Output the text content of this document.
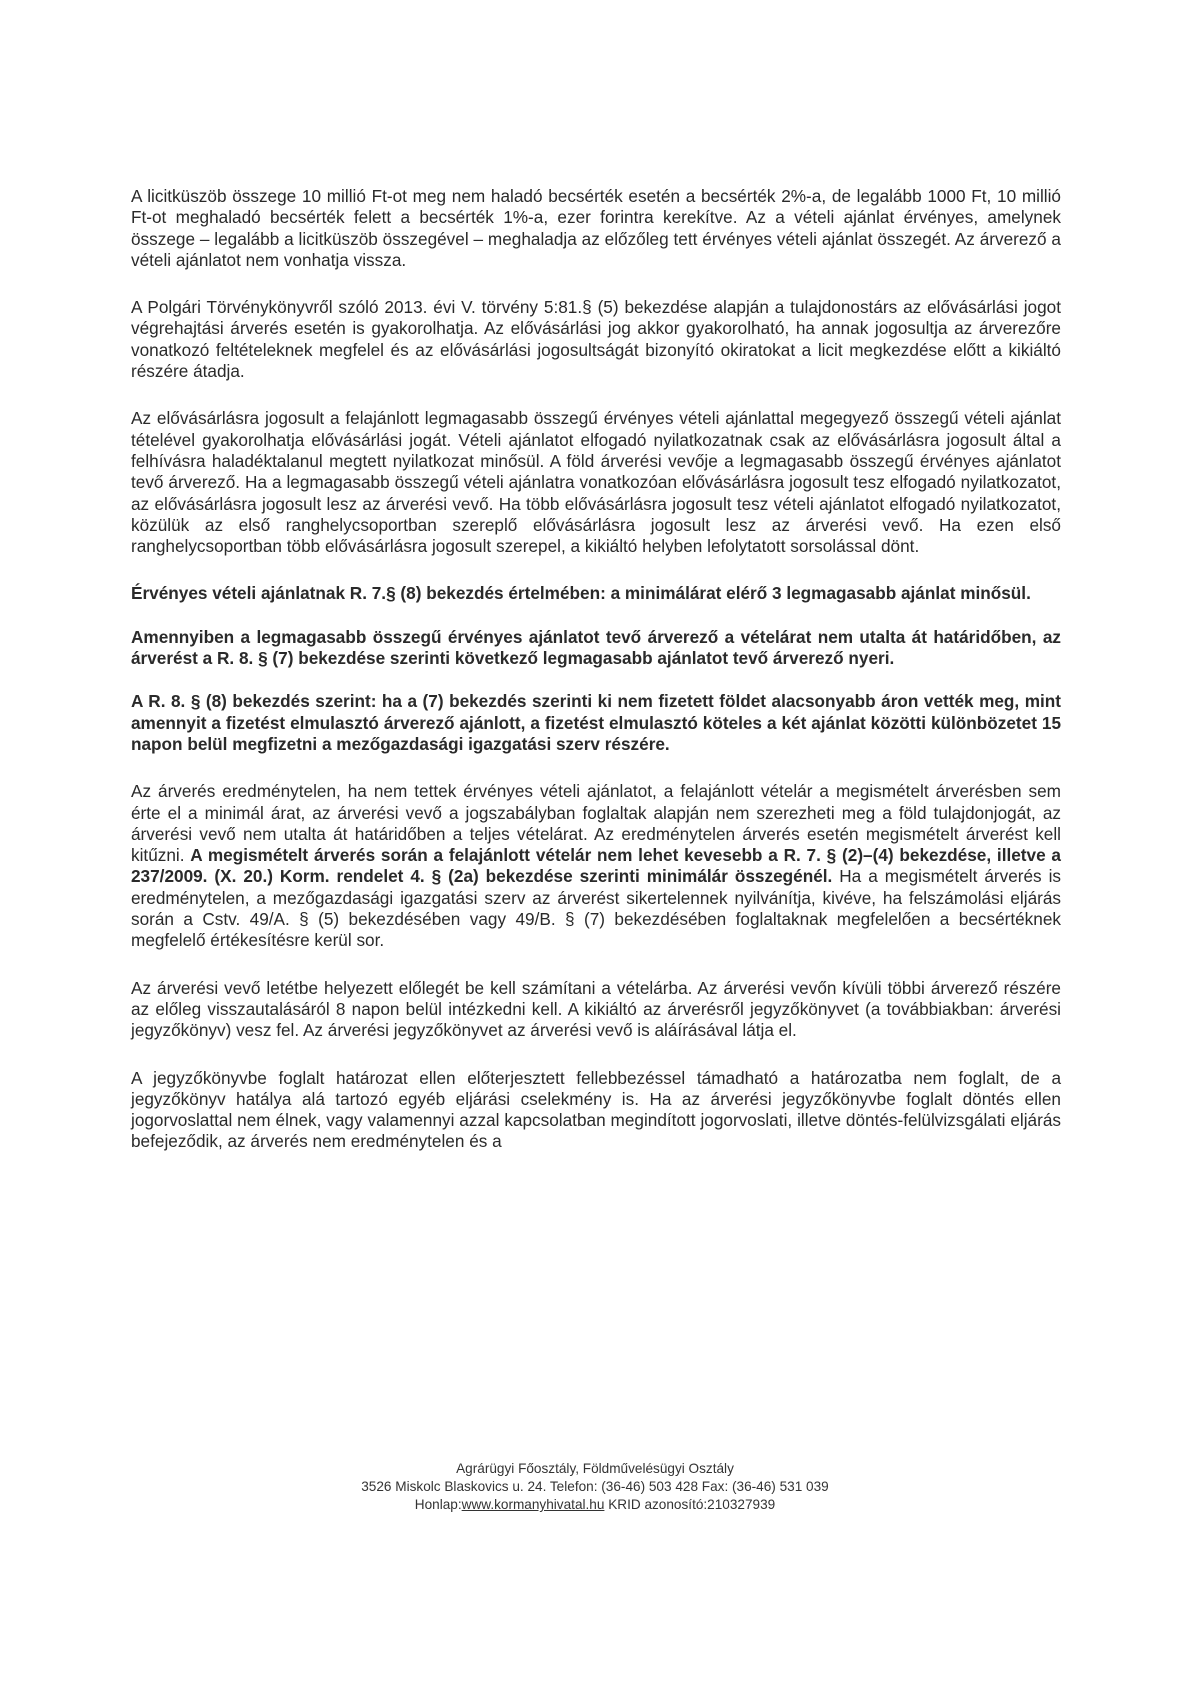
A licitküszöb összege 10 millió Ft-ot meg nem haladó becsérték esetén a becsérték 2%-a, de legalább 1000 Ft, 10 millió Ft-ot meghaladó becsérték felett a becsérték 1%-a, ezer forintra kerekítve. Az a vételi ajánlat érvényes, amelynek összege – legalább a licitküszöb összegével – meghaladja az előzőleg tett érvényes vételi ajánlat összegét. Az árverező a vételi ajánlatot nem vonhatja vissza.

A Polgári Törvénykönyvről szóló 2013. évi V. törvény 5:81.§ (5) bekezdése alapján a tulajdonostárs az elővásárlási jogot végrehajtási árverés esetén is gyakorolhatja. Az elővásárlási jog akkor gyakorolható, ha annak jogosultja az árverezőre vonatkozó feltételeknek megfelel és az elővásárlási jogosultságát bizonyító okiratokat a licit megkezdése előtt a kikiáltó részére átadja.

Az elővásárlásra jogosult a felajánlott legmagasabb összegű érvényes vételi ajánlattal megegyező összegű vételi ajánlat tételével gyakorolhatja elővásárlási jogát. Vételi ajánlatot elfogadó nyilatkozatnak csak az elővásárlásra jogosult által a felhívásra haladéktalanul megtett nyilatkozat minősül. A föld árverési vevője a legmagasabb összegű érvényes ajánlatot tevő árverező. Ha a legmagasabb összegű vételi ajánlatra vonatkozóan elővásárlásra jogosult tesz elfogadó nyilatkozatot, az elővásárlásra jogosult lesz az árverési vevő. Ha több elővásárlásra jogosult tesz vételi ajánlatot elfogadó nyilatkozatot, közülük az első ranghelycsoportban szereplő elővásárlásra jogosult lesz az árverési vevő. Ha ezen első ranghelycsoportban több elővásárlásra jogosult szerepel, a kikiáltó helyben lefolytatott sorsolással dönt.

Érvényes vételi ajánlatnak R. 7.§ (8) bekezdés értelmében: a minimálárat elérő 3 legmagasabb ajánlat minősül.

Amennyiben a legmagasabb összegű érvényes ajánlatot tevő árverező a vételárat nem utalta át határidőben, az árverést a R. 8. § (7) bekezdése szerinti következő legmagasabb ajánlatot tevő árverező nyeri.

A R. 8. § (8) bekezdés szerint: ha a (7) bekezdés szerinti ki nem fizetett földet alacsonyabb áron vették meg, mint amennyit a fizetést elmulasztó árverező ajánlott, a fizetést elmulasztó köteles a két ajánlat közötti különbözetet 15 napon belül megfizetni a mezőgazdasági igazgatási szerv részére.

Az árverés eredménytelen, ha nem tettek érvényes vételi ajánlatot, a felajánlott vételár a megismételt árverésben sem érte el a minimál árat, az árverési vevő a jogszabályban foglaltak alapján nem szerezheti meg a föld tulajdonjogát, az árverési vevő nem utalta át határidőben a teljes vételárat. Az eredménytelen árverés esetén megismételt árverést kell kitűzni. A megismételt árverés során a felajánlott vételár nem lehet kevesebb a R. 7. § (2)–(4) bekezdése, illetve a 237/2009. (X. 20.) Korm. rendelet 4. § (2a) bekezdése szerinti minimálár összegénél. Ha a megismételt árverés is eredménytelen, a mezőgazdasági igazgatási szerv az árverést sikertelennek nyilvánítja, kivéve, ha felszámolási eljárás során a Cstv. 49/A. § (5) bekezdésében vagy 49/B. § (7) bekezdésében foglaltaknak megfelelően a becsértéknek megfelelő értékesítésre kerül sor.

Az árverési vevő letétbe helyezett előlegét be kell számítani a vételárba. Az árverési vevőn kívüli többi árverező részére az előleg visszautalásáról 8 napon belül intézkedni kell. A kikiáltó az árverésről jegyzőkönyvet (a továbbiakban: árverési jegyzőkönyv) vesz fel. Az árverési jegyzőkönyvet az árverési vevő is aláírásával látja el.

A jegyzőkönyvbe foglalt határozat ellen előterjesztett fellebbezéssel támadható a határozatba nem foglalt, de a jegyzőkönyv hatálya alá tartozó egyéb eljárási cselekmény is. Ha az árverési jegyzőkönyvbe foglalt döntés ellen jogorvoslattal nem élnek, vagy valamennyi azzal kapcsolatban megindított jogorvoslati, illetve döntés-felülvizsgálati eljárás befejeződik, az árverés nem eredménytelen és a

Agrárügyi Főosztály, Földművelésügyi Osztály
3526 Miskolc Blaskovics u. 24. Telefon: (36-46) 503 428 Fax: (36-46) 531 039
Honlap:www.kormanyhivatal.hu KRID azonosító:210327939
